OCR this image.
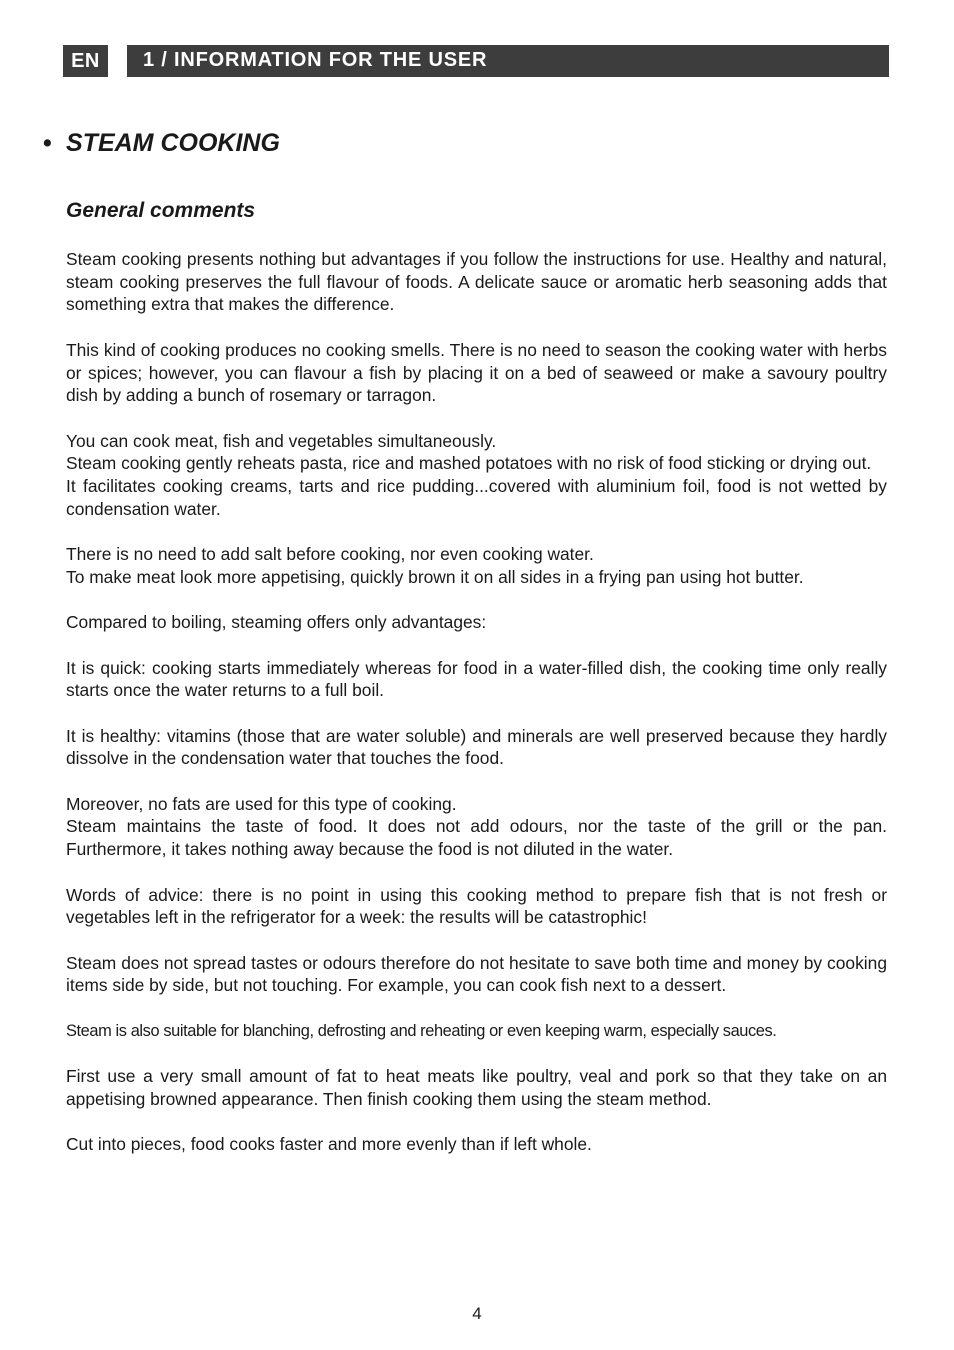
EN	1 / INFORMATION FOR THE USER
• STEAM COOKING
General comments

Steam cooking presents nothing but advantages if you follow the instructions for use. Healthy and natural, steam cooking preserves the full flavour of foods. A delicate sauce or aromatic herb seasoning adds that something extra that makes the difference.

This kind of cooking produces no cooking smells. There is no need to season the cooking water with herbs or spices; however, you can flavour a fish by placing it on a bed of seaweed or make a savoury poultry dish by adding a bunch of rosemary or tarragon.

You can cook meat, fish and vegetables simultaneously.
Steam cooking gently reheats pasta, rice and mashed potatoes with no risk of food sticking or drying out.
It facilitates cooking creams, tarts and rice pudding...covered with aluminium foil, food is not wetted by condensation water.

There is no need to add salt before cooking, nor even cooking water.
To make meat look more appetising, quickly brown it on all sides in a frying pan using hot butter.

Compared to boiling, steaming offers only advantages:

It is quick: cooking starts immediately whereas for food in a water-filled dish, the cooking time only really starts once the water returns to a full boil.

It is healthy: vitamins (those that are water soluble) and minerals are well preserved because they hardly dissolve in the condensation water that touches the food.

Moreover, no fats are used for this type of cooking.
Steam maintains the taste of food. It does not add odours, nor the taste of the grill or the pan. Furthermore, it takes nothing away because the food is not diluted in the water.

Words of advice: there is no point in using this cooking method to prepare fish that is not fresh or vegetables left in the refrigerator for a week: the results will be catastrophic!

Steam does not spread tastes or odours therefore do not hesitate to save both time and money by cooking items side by side, but not touching. For example, you can cook fish next to a dessert.

Steam is also suitable for blanching, defrosting and reheating or even keeping warm, especially sauces.

First use a very small amount of fat to heat meats like poultry, veal and pork so that they take on an appetising browned appearance. Then finish cooking them using the steam method.

Cut into pieces, food cooks faster and more evenly than if left whole.

4
